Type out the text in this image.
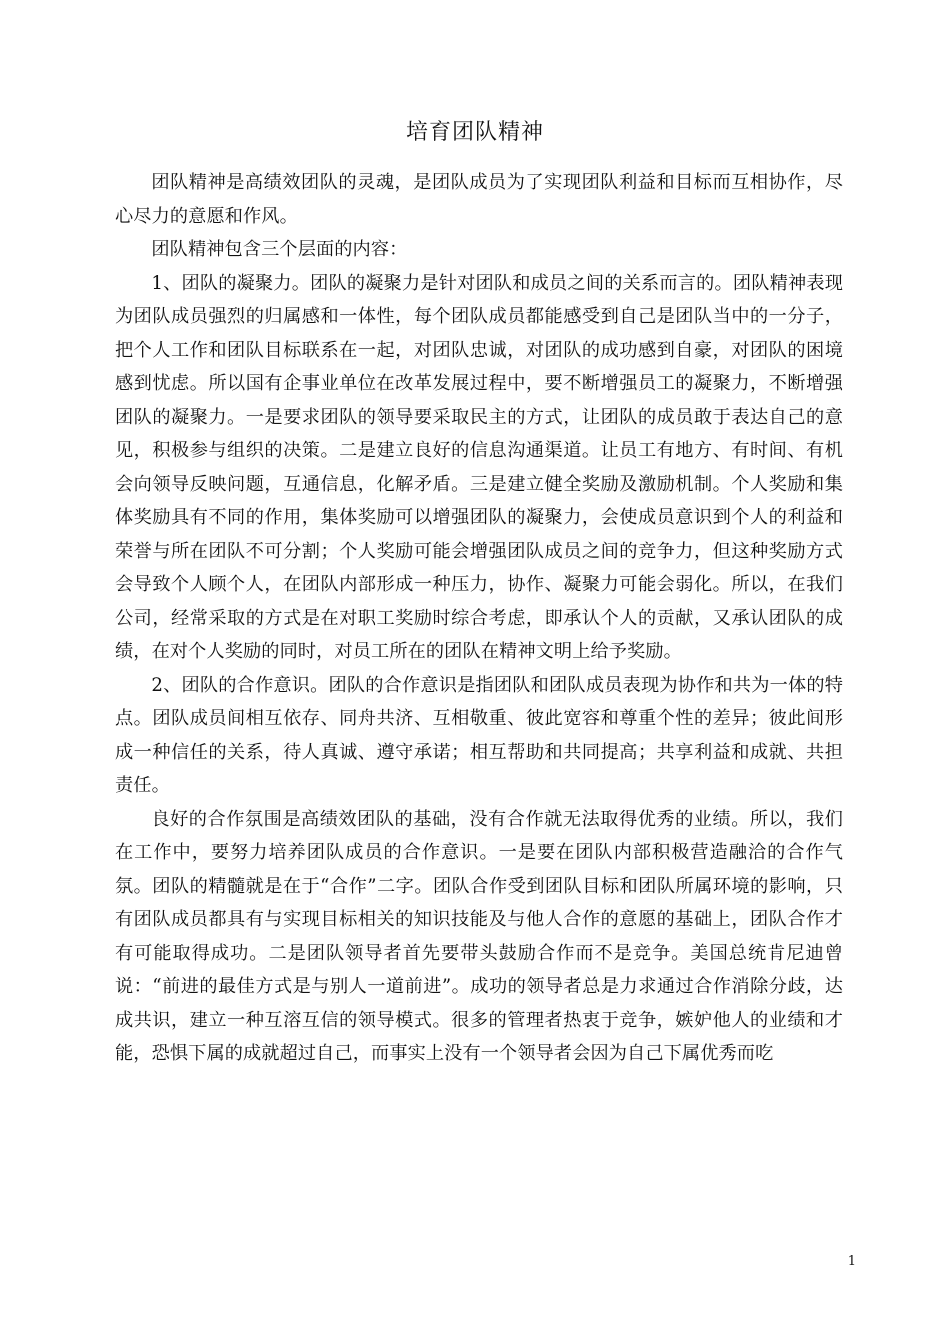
培育团队精神

团队精神是高绩效团队的灵魂，是团队成员为了实现团队利益和目标而互相协作，尽心尽力的意愿和作风。

团队精神包含三个层面的内容：

1、团队的凝聚力。团队的凝聚力是针对团队和成员之间的关系而言的。团队精神表现为团队成员强烈的归属感和一体性，每个团队成员都能感受到自己是团队当中的一分子，把个人工作和团队目标联系在一起，对团队忠诚，对团队的成功感到自豪，对团队的困境感到忧虑。所以国有企事业单位在改革发展过程中，要不断增强员工的凝聚力，不断增强团队的凝聚力。一是要求团队的领导要采取民主的方式，让团队的成员敢于表达自己的意见，积极参与组织的决策。二是建立良好的信息沟通渠道。让员工有地方、有时间、有机会向领导反映问题，互通信息，化解矛盾。三是建立健全奖励及激励机制。个人奖励和集体奖励具有不同的作用，集体奖励可以增强团队的凝聚力，会使成员意识到个人的利益和荣誉与所在团队不可分割；个人奖励可能会增强团队成员之间的竞争力，但这种奖励方式会导致个人顾个人，在团队内部形成一种压力，协作、凝聚力可能会弱化。所以，在我们公司，经常采取的方式是在对职工奖励时综合考虑，即承认个人的贡献，又承认团队的成绩，在对个人奖励的同时，对员工所在的团队在精神文明上给予奖励。

2、团队的合作意识。团队的合作意识是指团队和团队成员表现为协作和共为一体的特点。团队成员间相互依存、同舟共济、互相敬重、彼此宽容和尊重个性的差异；彼此间形成一种信任的关系，待人真诚、遵守承诺；相互帮助和共同提高；共享利益和成就、共担责任。

良好的合作氛围是高绩效团队的基础，没有合作就无法取得优秀的业绩。所以，我们在工作中，要努力培养团队成员的合作意识。一是要在团队内部积极营造融洽的合作气氛。团队的精髓就是在于“合作”二字。团队合作受到团队目标和团队所属环境的影响，只有团队成员都具有与实现目标相关的知识技能及与他人合作的意愿的基础上，团队合作才有可能取得成功。二是团队领导者首先要带头鼓励合作而不是竞争。美国总统肯尼迪曾说：“前进的最佳方式是与别人一道前进”。成功的领导者总是力求通过合作消除分歧，达成共识，建立一种互溶互信的领导模式。很多的管理者热衷于竞争，嫉妒他人的业绩和才能，恐惧下属的成就超过自己，而事实上没有一个领导者会因为自己下属优秀而吃

1
